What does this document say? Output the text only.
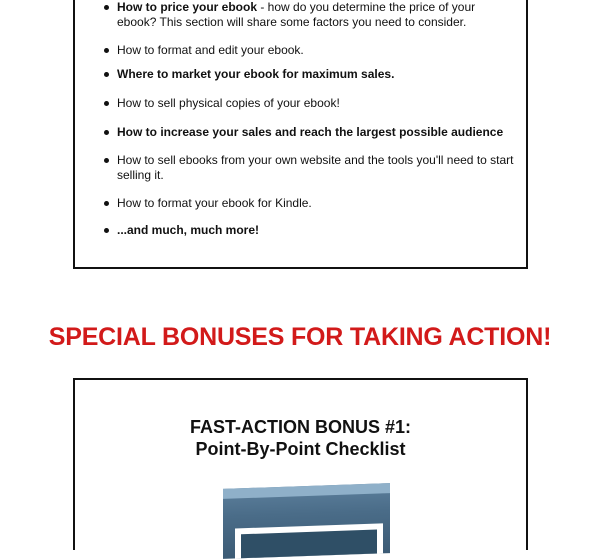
How to price your ebook - how do you determine the price of your ebook? This section will share some factors you need to consider.
How to format and edit your ebook.
Where to market your ebook for maximum sales.
How to sell physical copies of your ebook!
How to increase your sales and reach the largest possible audience
How to sell ebooks from your own website and the tools you'll need to start selling it.
How to format your ebook for Kindle.
...and much, much more!
SPECIAL BONUSES FOR TAKING ACTION!
FAST-ACTION BONUS #1:
Point-By-Point Checklist
